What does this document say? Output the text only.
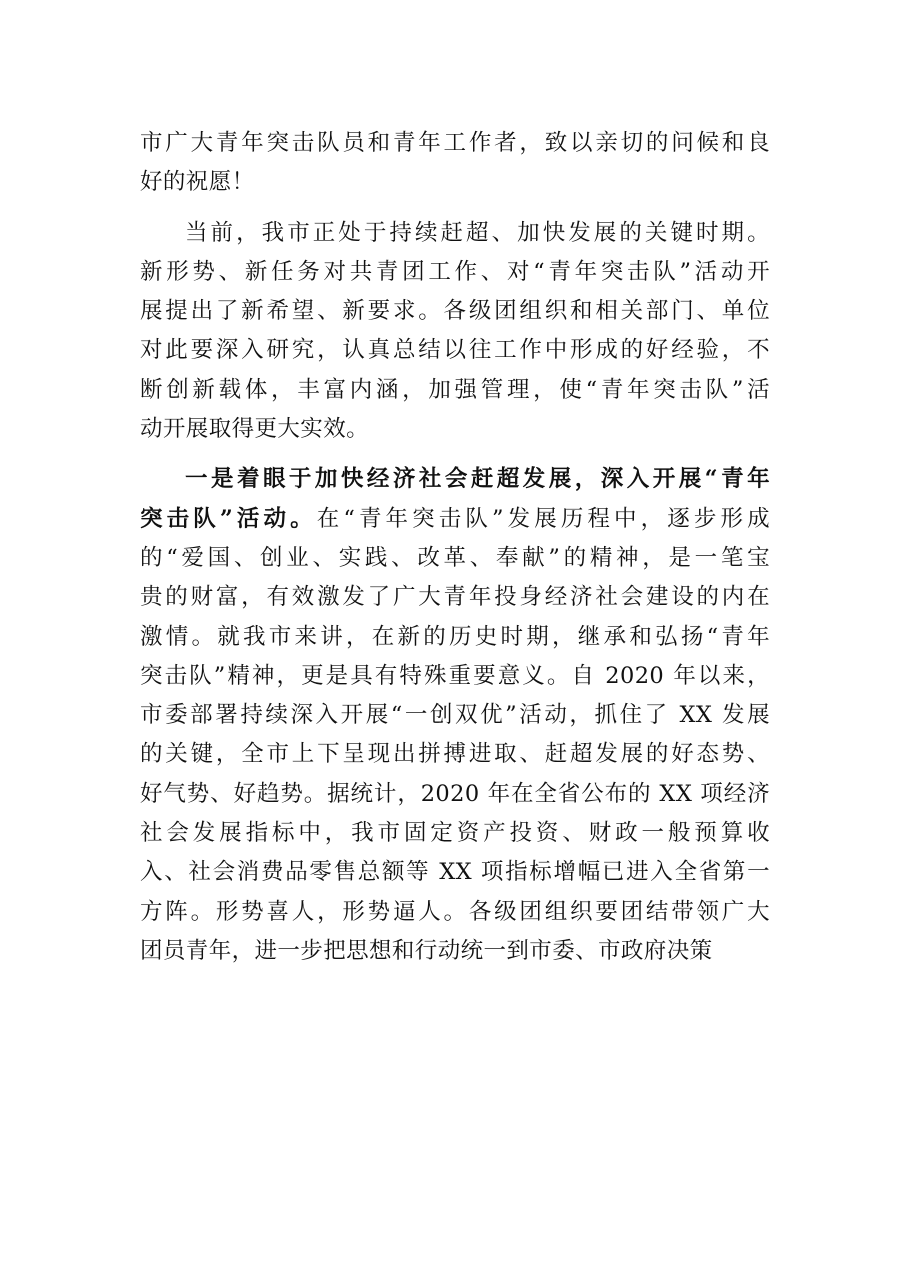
市广大青年突击队员和青年工作者，致以亲切的问候和良
好的祝愿！
当前，我市正处于持续赶超、加快发展的关键时期。
新形势、新任务对共青团工作、对“青年突击队”活动开
展提出了新希望、新要求。各级团组织和相关部门、单位
对此要深入研究，认真总结以往工作中形成的好经验，不
断创新载体，丰富内涵，加强管理，使“青年突击队”活
动开展取得更大实效。
一是着眼于加快经济社会赶超发展，深入开展“青年
突击队”活动。在“青年突击队”发展历程中，逐步形成
的“爱国、创业、实践、改革、奉献”的精神，是一笔宝
贵的财富，有效激发了广大青年投身经济社会建设的内在
激情。就我市来讲，在新的历史时期，继承和弘扬“青年
突击队”精神，更是具有特殊重要意义。自 2020 年以来，
市委部署持续深入开展“一创双优”活动，抓住了 XX 发展
的关键，全市上下呈现出拼搏进取、赶超发展的好态势、
好气势、好趋势。据统计，2020 年在全省公布的 XX 项经济
社会发展指标中，我市固定资产投资、财政一般预算收
入、社会消费品零售总额等 XX 项指标增幅已进入全省第一
方阵。形势喜人，形势逼人。各级团组织要团结带领广大
团员青年，进一步把思想和行动统一到市委、市政府决策
